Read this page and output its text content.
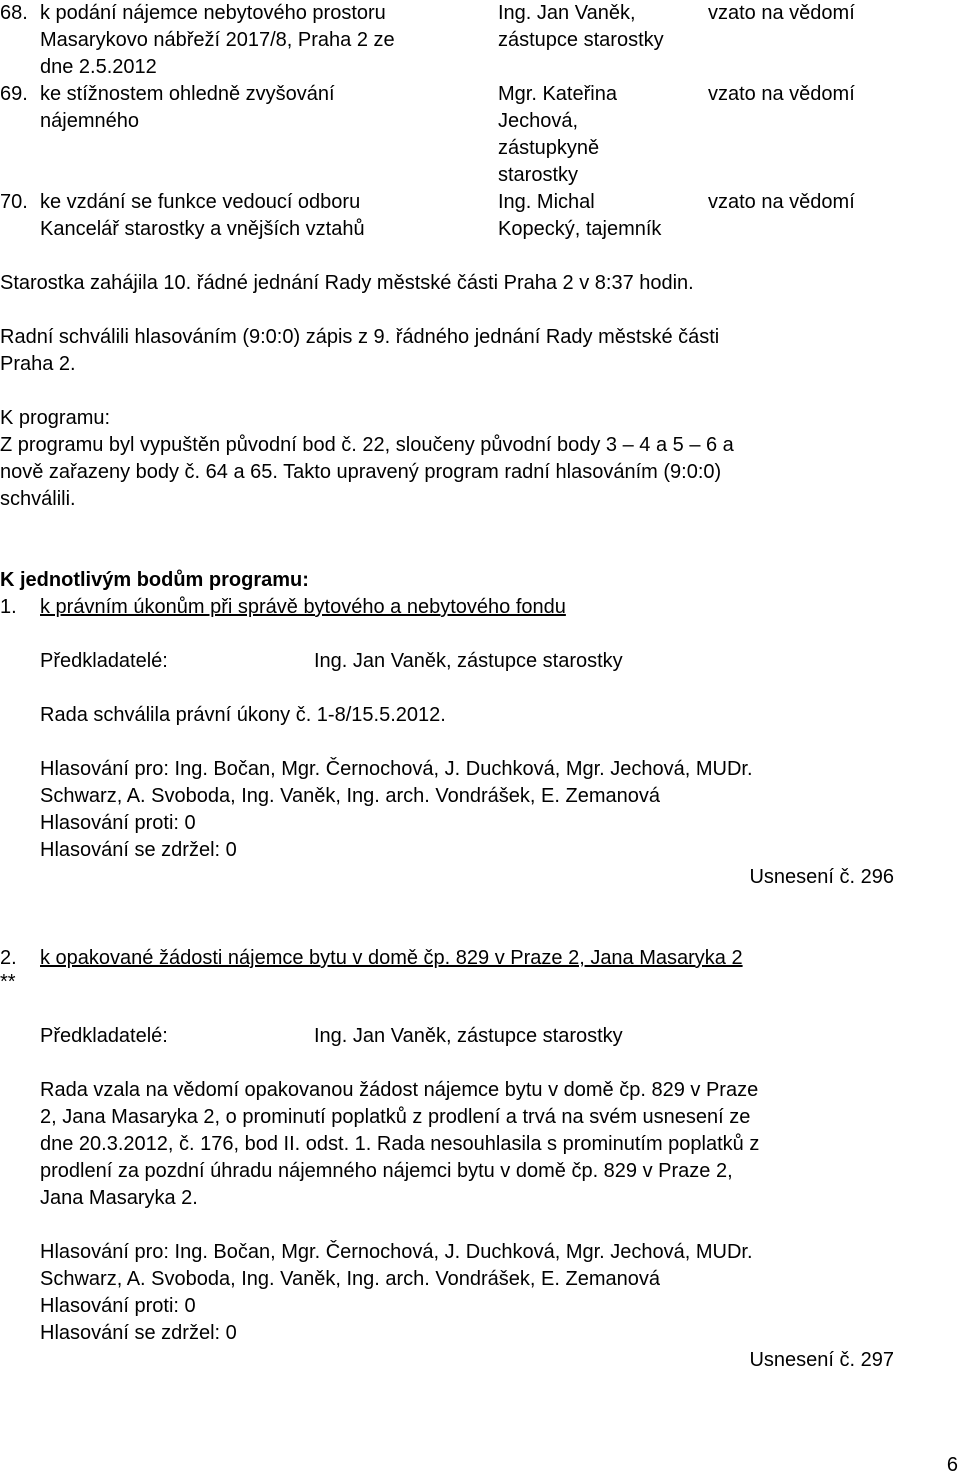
68. k podání nájemce nebytového prostoru
Masarykovo nábřeží 2017/8, Praha 2 ze
dne 2.5.2012
Ing. Jan Vaněk,
zástupce starostky
vzato na vědomí
69. ke stížnostem ohledně zvyšování
nájemného
Mgr. Kateřina
Jechová,
zástupkyně
starostky
vzato na vědomí
70. ke vzdání se funkce vedoucí odboru
Kancelář starostky a vnějších vztahů
Ing. Michal
Kopecký, tajemník
vzato na vědomí
Starostka zahájila 10. řádné jednání Rady městské části Praha 2 v 8:37 hodin.
Radní schválili hlasováním (9:0:0) zápis z 9. řádného jednání Rady městské části
Praha 2.
K programu:
Z programu byl vypuštěn původní bod č. 22, sloučeny původní body 3 – 4 a 5 – 6 a
nově zařazeny body č. 64 a 65. Takto upravený program radní hlasováním (9:0:0)
schválili.
K jednotlivým bodům programu:
1. k právním úkonům při správě bytového a nebytového fondu
Předkladatelé:	Ing. Jan Vaněk, zástupce starostky
Rada schválila právní úkony č. 1-8/15.5.2012.
Hlasování pro: Ing. Bočan, Mgr. Černochová, J. Duchková, Mgr. Jechová, MUDr.
Schwarz, A. Svoboda, Ing. Vaněk, Ing. arch. Vondrášek, E. Zemanová
Hlasování proti: 0
Hlasování se zdržel: 0
Usnesení č. 296
2. k opakované žádosti nájemce bytu v domě čp. 829 v Praze 2, Jana Masaryka 2
**
Předkladatelé:	Ing. Jan Vaněk, zástupce starostky
Rada vzala na vědomí opakovanou žádost nájemce bytu v domě čp. 829 v Praze
2, Jana Masaryka 2, o prominutí poplatků z prodlení a trvá na svém usnesení ze
dne 20.3.2012, č. 176, bod II. odst. 1. Rada nesouhlasila s prominutím poplatků z
prodlení za pozdní úhradu nájemného nájemci bytu v domě čp. 829 v Praze 2,
Jana Masaryka 2.
Hlasování pro: Ing. Bočan, Mgr. Černochová, J. Duchková, Mgr. Jechová, MUDr.
Schwarz, A. Svoboda, Ing. Vaněk, Ing. arch. Vondrášek, E. Zemanová
Hlasování proti: 0
Hlasování se zdržel: 0
Usnesení č. 297
6
